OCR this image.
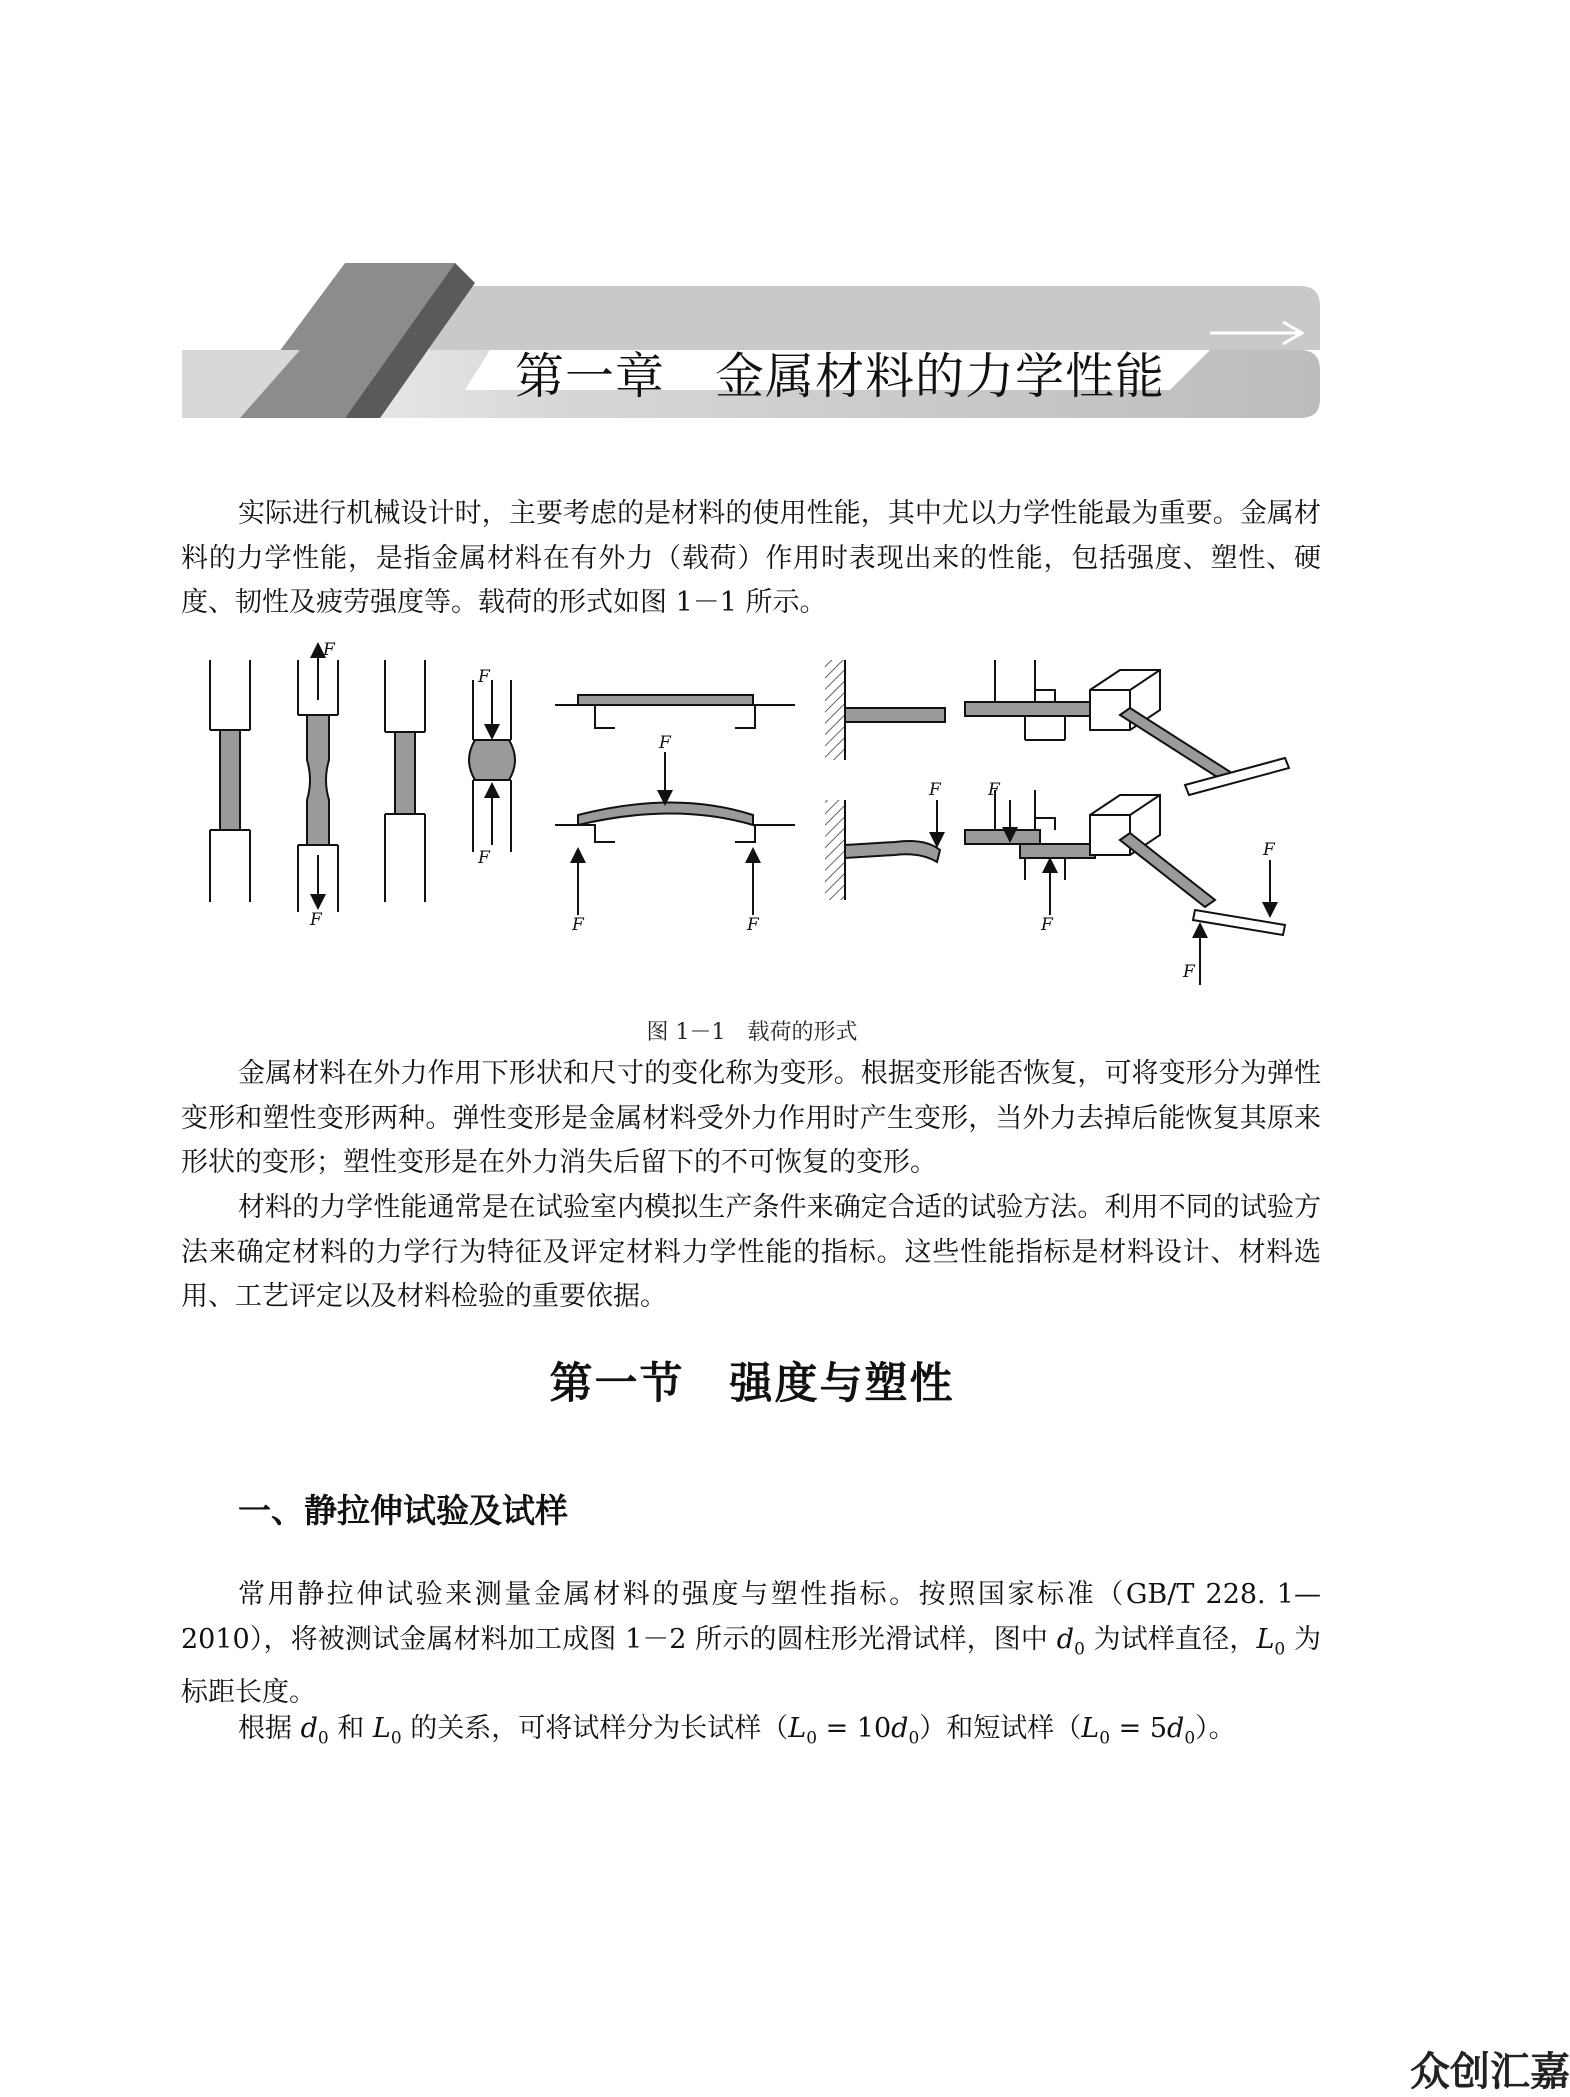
第一章　金属材料的力学性能

实际进行机械设计时，主要考虑的是材料的使用性能，其中尤以力学性能最为重要。金属材料的力学性能，是指金属材料在有外力（载荷）作用时表现出来的性能，包括强度、塑性、硬度、韧性及疲劳强度等。载荷的形式如图 1－1 所示。

F
F
F
F
F
F	F
F	F
F
F
F
图 1－1　载荷的形式

金属材料在外力作用下形状和尺寸的变化称为变形。根据变形能否恢复，可将变形分为弹性变形和塑性变形两种。弹性变形是金属材料受外力作用时产生变形，当外力去掉后能恢复其原来形状的变形；塑性变形是在外力消失后留下的不可恢复的变形。

材料的力学性能通常是在试验室内模拟生产条件来确定合适的试验方法。利用不同的试验方法来确定材料的力学行为特征及评定材料力学性能的指标。这些性能指标是材料设计、材料选用、工艺评定以及材料检验的重要依据。

第一节　强度与塑性
一、静拉伸试验及试样

常用静拉伸试验来测量金属材料的强度与塑性指标。按照国家标准（GB/T 228. 1—2010），将被测试金属材料加工成图 1－2 所示的圆柱形光滑试样，图中 $d_0$ 为试样直径，$L_0$ 为标距长度。

根据 $d_0$ 和 $L_0$ 的关系，可将试样分为长试样$(L_0 = 10d_0)$和短试样$(L_0 = 5d_0)$。

众创汇嘉
